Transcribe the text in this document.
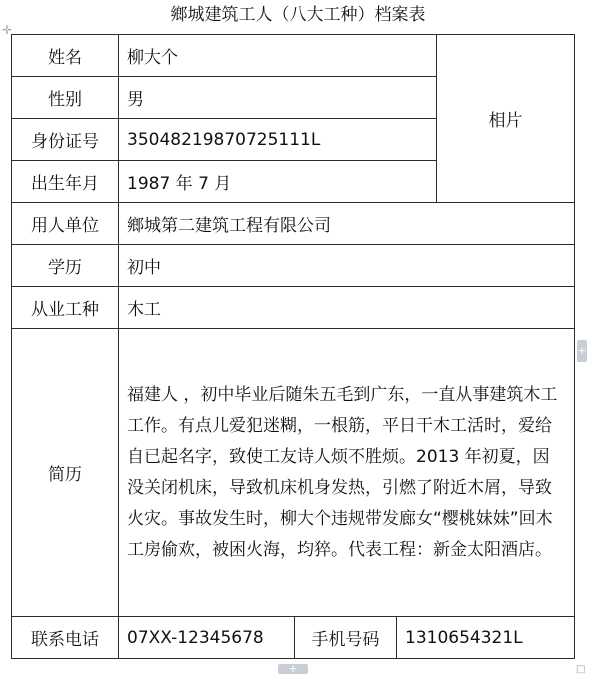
鄉城建筑工人（八大工种）档案表
✛
+
+	□
姓名	柳大个			相片
性别	男			
身份证号	350482198707251​11L			
出生年月	1987 年 7 月			
用人单位	鄉城第二建筑工程有限公司			
学历	初中			
从业工种	木工			
简历	福建人 ，初中毕业后随朱五毛到广东，一直从事建筑木工工作。有点儿爱犯迷糊，一根筋，平日干木工活时，爱给自已起名字，致使工友诗人烦不胜烦。2013 年初夏，因没关闭机床，导致机床机身发热，引燃了附近木屑，导致火灾。事故发生时，柳大个违规带发廊女“樱桃妹妹”回木工房偷欢，被困火海，均猝。代表工程：新金太阳酒店。			

联系电话	07XX-12345678	手机号码	1310654321L	
